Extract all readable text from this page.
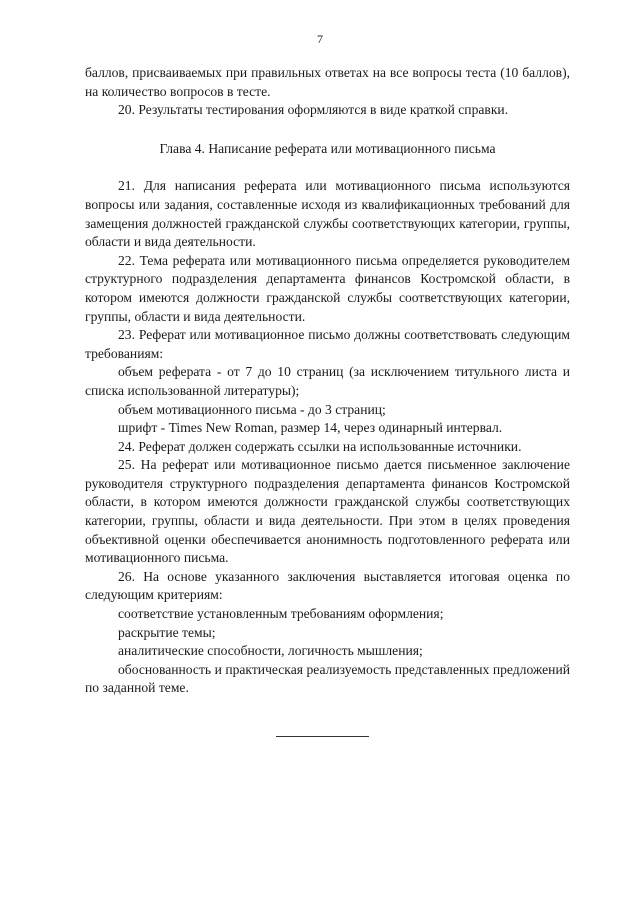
7

баллов, присваиваемых при правильных ответах на все вопросы теста (10 баллов), на количество вопросов в тесте.

20. Результаты тестирования оформляются в виде краткой справки.

Глава 4. Написание реферата или мотивационного письма

21. Для написания реферата или мотивационного письма используются вопросы или задания, составленные исходя из квалификационных требований для замещения должностей гражданской службы соответствующих категории, группы, области и вида деятельности.

22. Тема реферата или мотивационного письма определяется руководителем структурного подразделения департамента финансов Костромской области, в котором имеются должности гражданской службы соответствующих категории, группы, области и вида деятельности.

23. Реферат или мотивационное письмо должны соответствовать следующим требованиям:

объем реферата - от 7 до 10 страниц (за исключением титульного листа и списка использованной литературы);

объем мотивационного письма - до 3 страниц;

шрифт - Times New Roman, размер 14, через одинарный интервал.

24. Реферат должен содержать ссылки на использованные источники.

25. На реферат или мотивационное письмо дается письменное заключение руководителя структурного подразделения департамента финансов Костромской области, в котором имеются должности гражданской службы соответствующих категории, группы, области и вида деятельности. При этом в целях проведения объективной оценки обеспечивается анонимность подготовленного реферата или мотивационного письма.

26. На основе указанного заключения выставляется итоговая оценка по следующим критериям:

соответствие установленным требованиям оформления;

раскрытие темы;

аналитические способности, логичность мышления;

обоснованность и практическая реализуемость представленных предложений по заданной теме.
